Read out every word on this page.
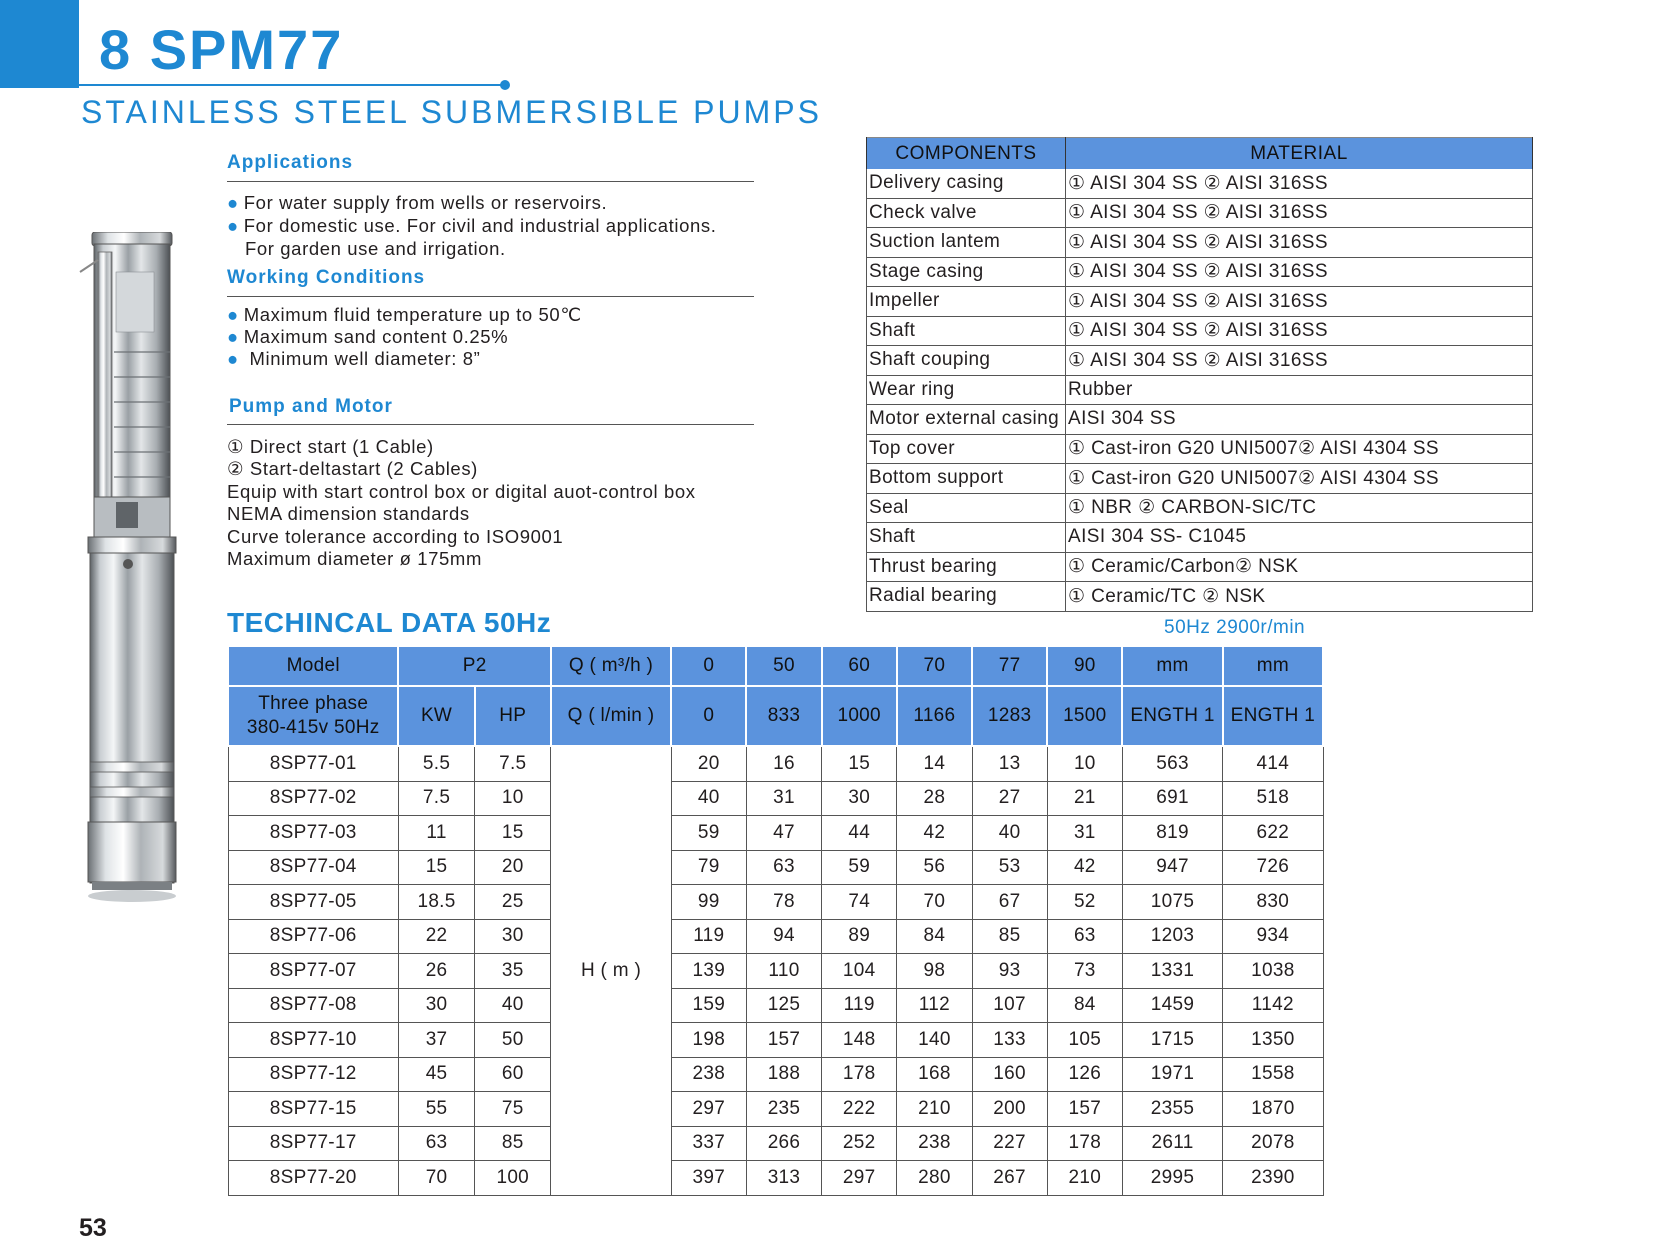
8 SPM77
STAINLESS STEEL SUBMERSIBLE PUMPS
Applications
● For water supply from wells or reservoirs.
● For domestic use. For civil and industrial applications.
For garden use and irrigation.
Working Conditions
● Maximum fluid temperature up to 50℃
● Maximum sand content 0.25%
● Minimum well diameter: 8”
Pump and Motor
① Direct start (1 Cable)
② Start-deltastart (2 Cables)
Equip with start control box or digital auot-control box
NEMA dimension standards
Curve tolerance according to ISO9001
Maximum diameter ø 175mm
COMPONENTS	MATERIAL
Delivery casing	① AISI 304 SS ② AISI 316SS
Check valve	① AISI 304 SS ② AISI 316SS
Suction lantem	① AISI 304 SS ② AISI 316SS
Stage casing	① AISI 304 SS ② AISI 316SS
Impeller	① AISI 304 SS ② AISI 316SS
Shaft	① AISI 304 SS ② AISI 316SS
Shaft couping	① AISI 304 SS ② AISI 316SS
Wear ring	Rubber
Motor external casing	AISI 304 SS
Top cover	① Cast-iron G20 UNI5007② AISI 4304 SS
Bottom support	① Cast-iron G20 UNI5007② AISI 4304 SS
Seal	① NBR ② CARBON-SIC/TC
Shaft	AISI 304 SS- C1045
Thrust bearing	① Ceramic/Carbon② NSK
Radial bearing	① Ceramic/TC ② NSK
TECHINCAL DATA 50Hz	50Hz 2900r/min
Model	P2		Q ( m³/h )	0	50	60	70	77	90	mm	mm

Three phase
380-415v 50Hz	KW	HP	Q ( l/min )	0	833	1000	1166	1283	1500	ENGTH 1	ENGTH 1
8SP77-01	5.5	7.5	H ( m )	20	16	15	14	13	10	563	414
8SP77-02	7.5	10		40	31	30	28	27	21	691	518
8SP77-03	11	15		59	47	44	42	40	31	819	622
8SP77-04	15	20		79	63	59	56	53	42	947	726
8SP77-05	18.5	25		99	78	74	70	67	52	1075	830
8SP77-06	22	30		119	94	89	84	85	63	1203	934
8SP77-07	26	35		139	110	104	98	93	73	1331	1038
8SP77-08	30	40		159	125	119	112	107	84	1459	1142
8SP77-10	37	50		198	157	148	140	133	105	1715	1350
8SP77-12	45	60		238	188	178	168	160	126	1971	1558
8SP77-15	55	75		297	235	222	210	200	157	2355	1870
8SP77-17	63	85		337	266	252	238	227	178	2611	2078
8SP77-20	70	100		397	313	297	280	267	210	2995	2390
53
